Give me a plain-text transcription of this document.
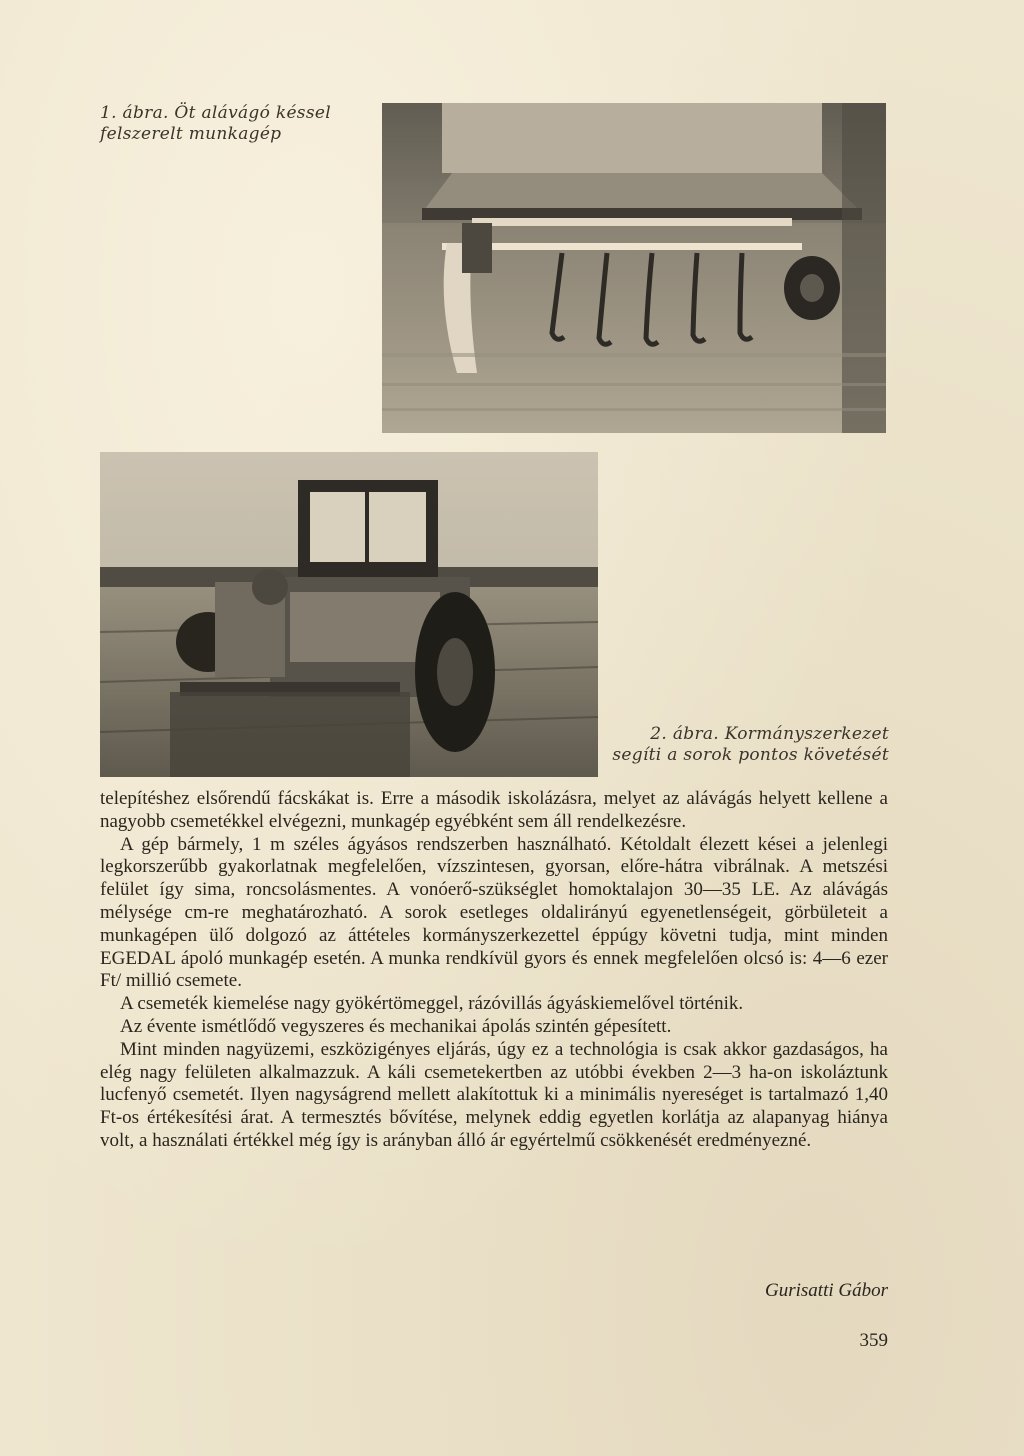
1. ábra. Öt alávágó késsel felszerelt munkagép
2. ábra. Kormányszerkezet segíti a sorok pontos követését

telepítéshez elsőrendű fácskákat is. Erre a második iskolázásra, melyet az alávágás helyett kellene a nagyobb csemetékkel elvégezni, munkagép egyébként sem áll rendelkezésre.

A gép bármely, 1 m széles ágyásos rendszerben használható. Kétoldalt élezett kései a jelenlegi legkorszerűbb gyakorlatnak megfelelően, vízszintesen, gyorsan, előre-hátra vibrálnak. A metszési felület így sima, roncsolásmentes. A vonóerő-szükséglet homoktalajon 30—35 LE. Az alávágás mélysége cm-re meghatározható. A sorok esetleges oldalirányú egyenetlenségeit, görbületeit a munkagépen ülő dolgozó az áttételes kormányszerkezettel éppúgy követni tudja, mint minden EGEDAL ápoló munkagép esetén. A munka rendkívül gyors és ennek megfelelően olcsó is: 4—6 ezer Ft/ millió csemete.

A csemeték kiemelése nagy gyökértömeggel, rázóvillás ágyáskiemelővel történik.

Az évente ismétlődő vegyszeres és mechanikai ápolás szintén gépesített.

Mint minden nagyüzemi, eszközigényes eljárás, úgy ez a technológia is csak akkor gazdaságos, ha elég nagy felületen alkalmazzuk. A káli csemetekertben az utóbbi években 2—3 ha-on iskoláztunk lucfenyő csemetét. Ilyen nagyságrend mellett alakítottuk ki a minimális nyereséget is tartalmazó 1,40 Ft-os értékesítési árat. A termesztés bővítése, melynek eddig egyetlen korlátja az alapanyag hiánya volt, a használati értékkel még így is arányban álló ár egyértelmű csökkenését eredményezné.

Gurisatti Gábor
359
